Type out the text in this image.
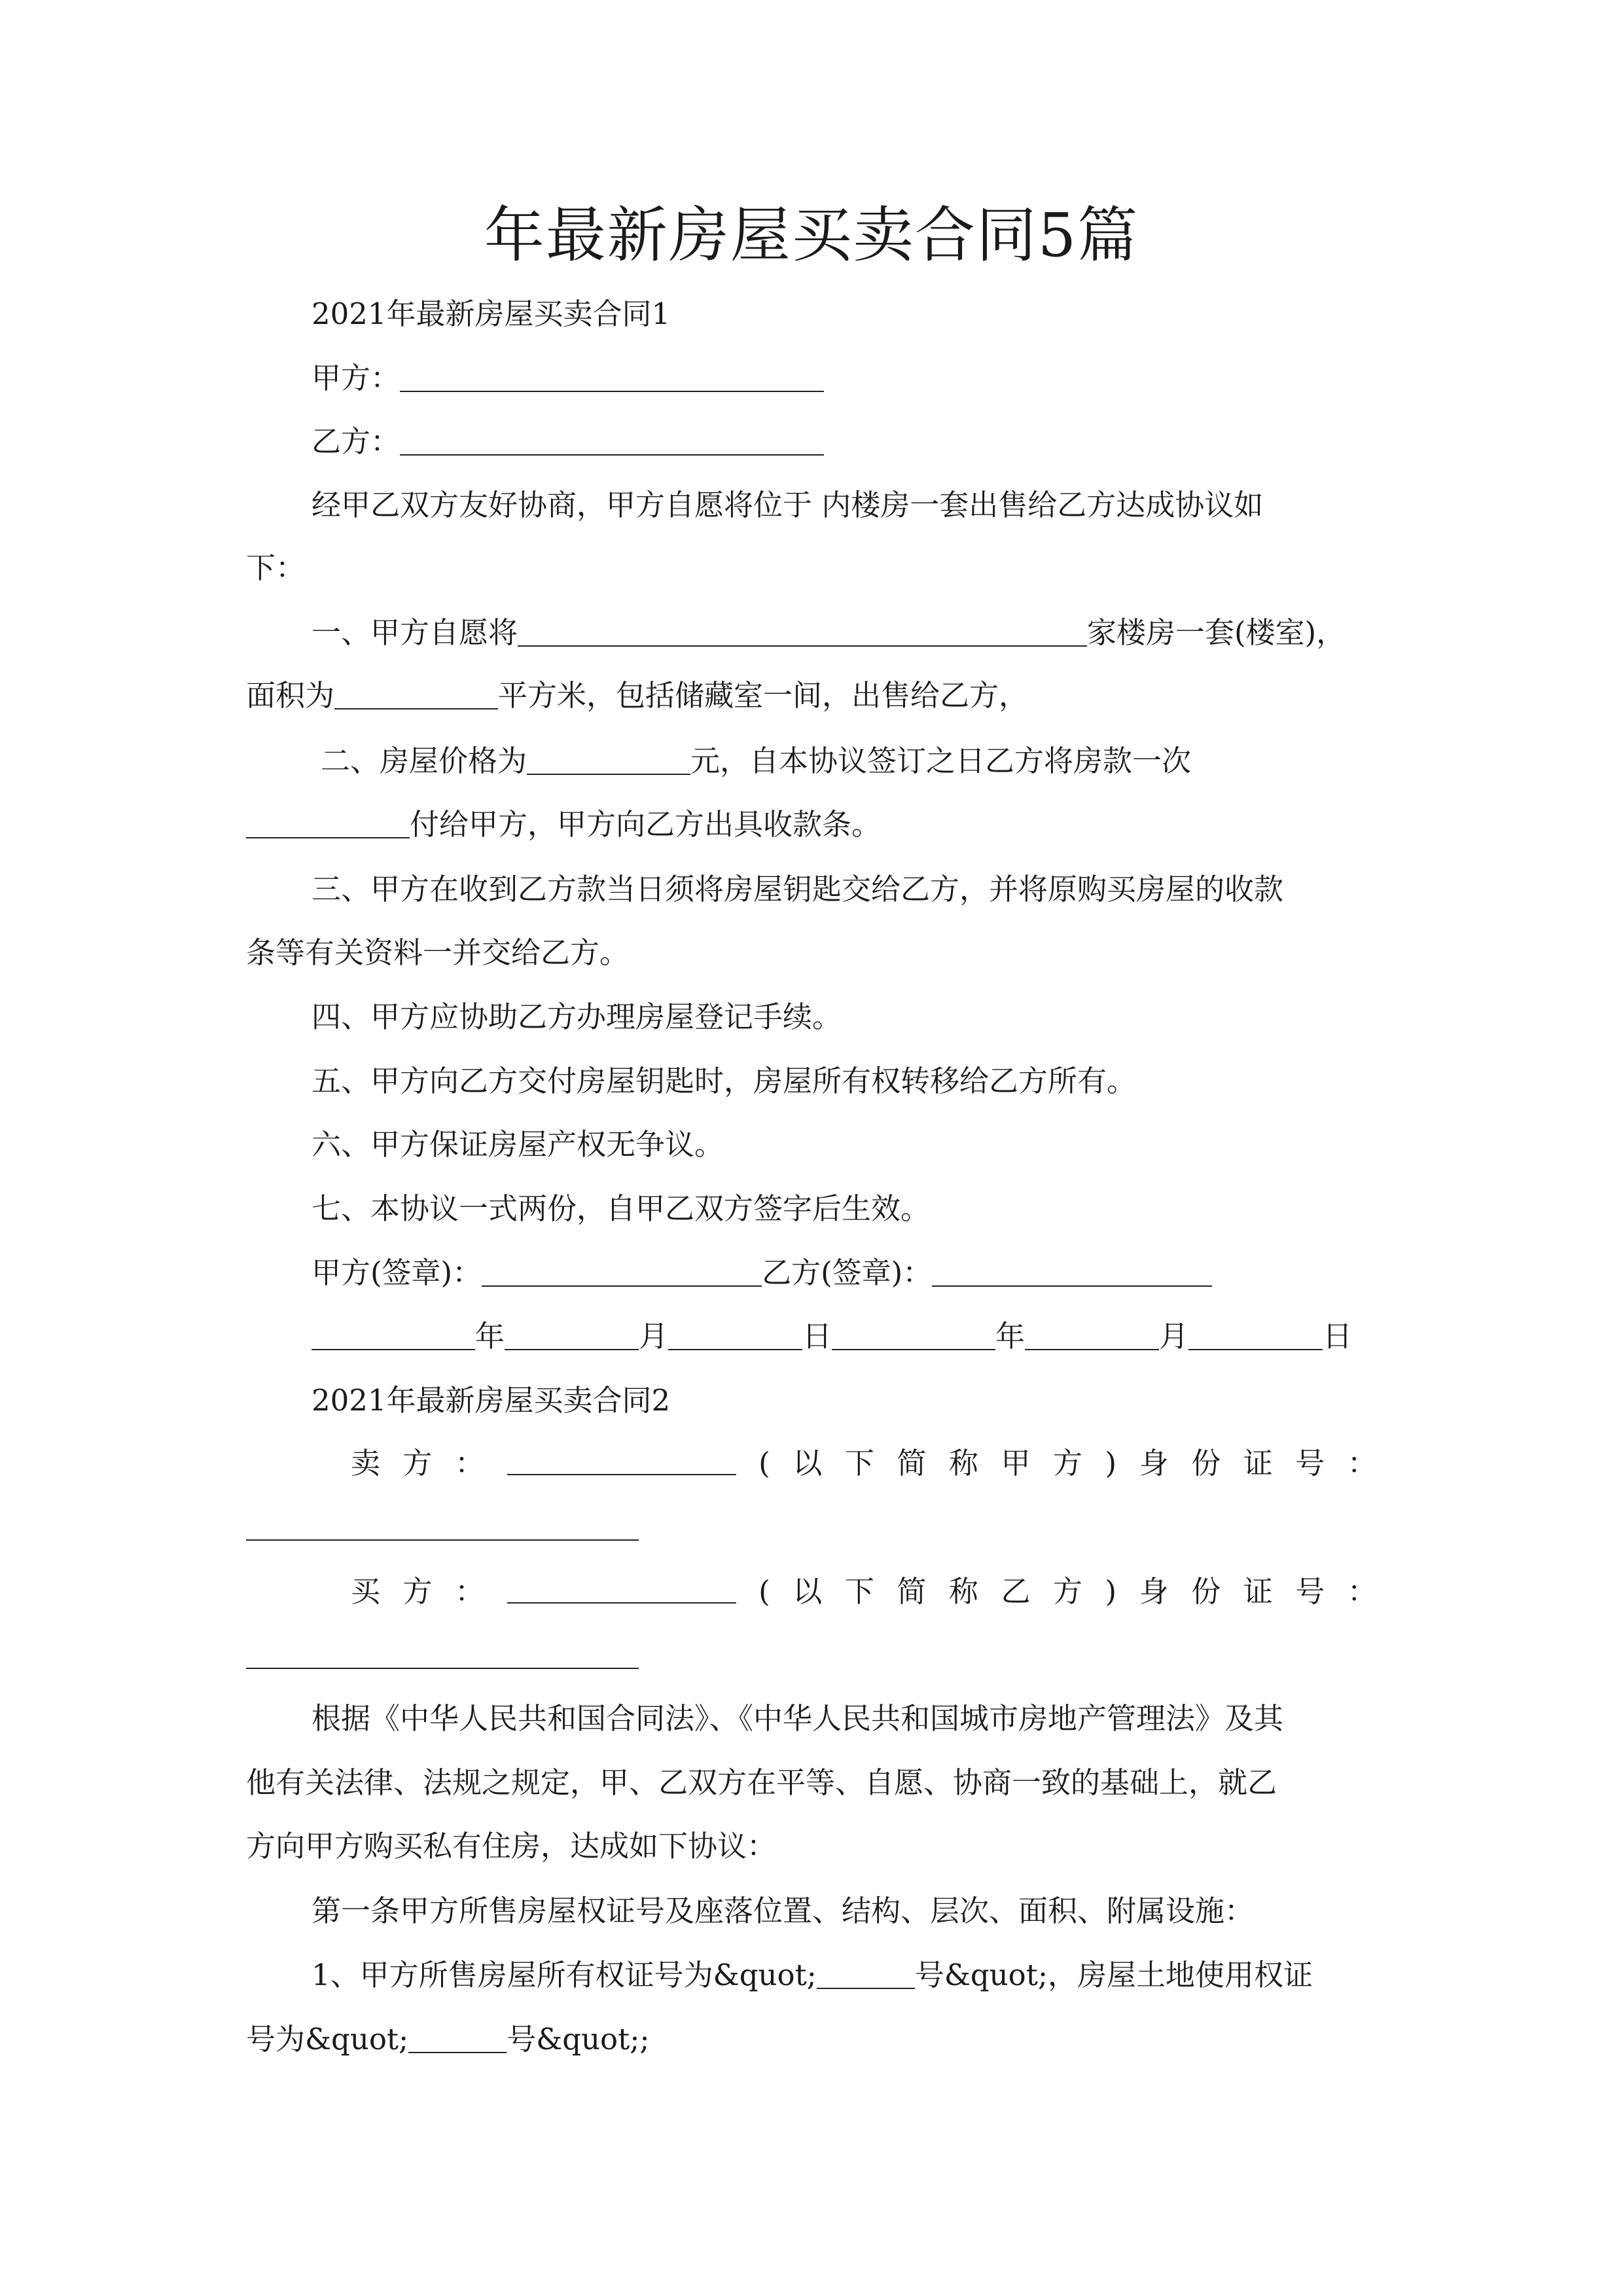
年最新房屋买卖合同5篇
2021年最新房屋买卖合同1
甲方：
乙方：
经甲乙双方友好协商，甲方自愿将位于 内楼房一套出售给乙方达成协议如
下：
一、甲方自愿将	家楼房一套(楼室)，
面积为	平方米，包括储藏室一间，出售给乙方，
二、房屋价格为	元，自本协议签订之日乙方将房款一次
付给甲方，甲方向乙方出具收款条。
三、甲方在收到乙方款当日须将房屋钥匙交给乙方，并将原购买房屋的收款
条等有关资料一并交给乙方。
四、甲方应协助乙方办理房屋登记手续。
五、甲方向乙方交付房屋钥匙时，房屋所有权转移给乙方所有。
六、甲方保证房屋产权无争议。
七、本协议一式两份，自甲乙双方签字后生效。
甲方(签章)：	乙方(签章)：
年	月	日	年	月	日
2021年最新房屋买卖合同2
卖 方 ：	( 以 下 简 称 甲 方 ) 身 份 证 号 ：
买 方 ：	( 以 下 简 称 乙 方 ) 身 份 证 号 ：
根据《中华人民共和国合同法》、《中华人民共和国城市房地产管理法》及其
他有关法律、法规之规定，甲、乙双方在平等、自愿、协商一致的基础上，就乙
方向甲方购买私有住房，达成如下协议：
第一条甲方所售房屋权证号及座落位置、结构、层次、面积、附属设施：
1、甲方所售房屋所有权证号为&quot;	号&quot;，房屋土地使用权证
号为&quot;	号&quot;;
